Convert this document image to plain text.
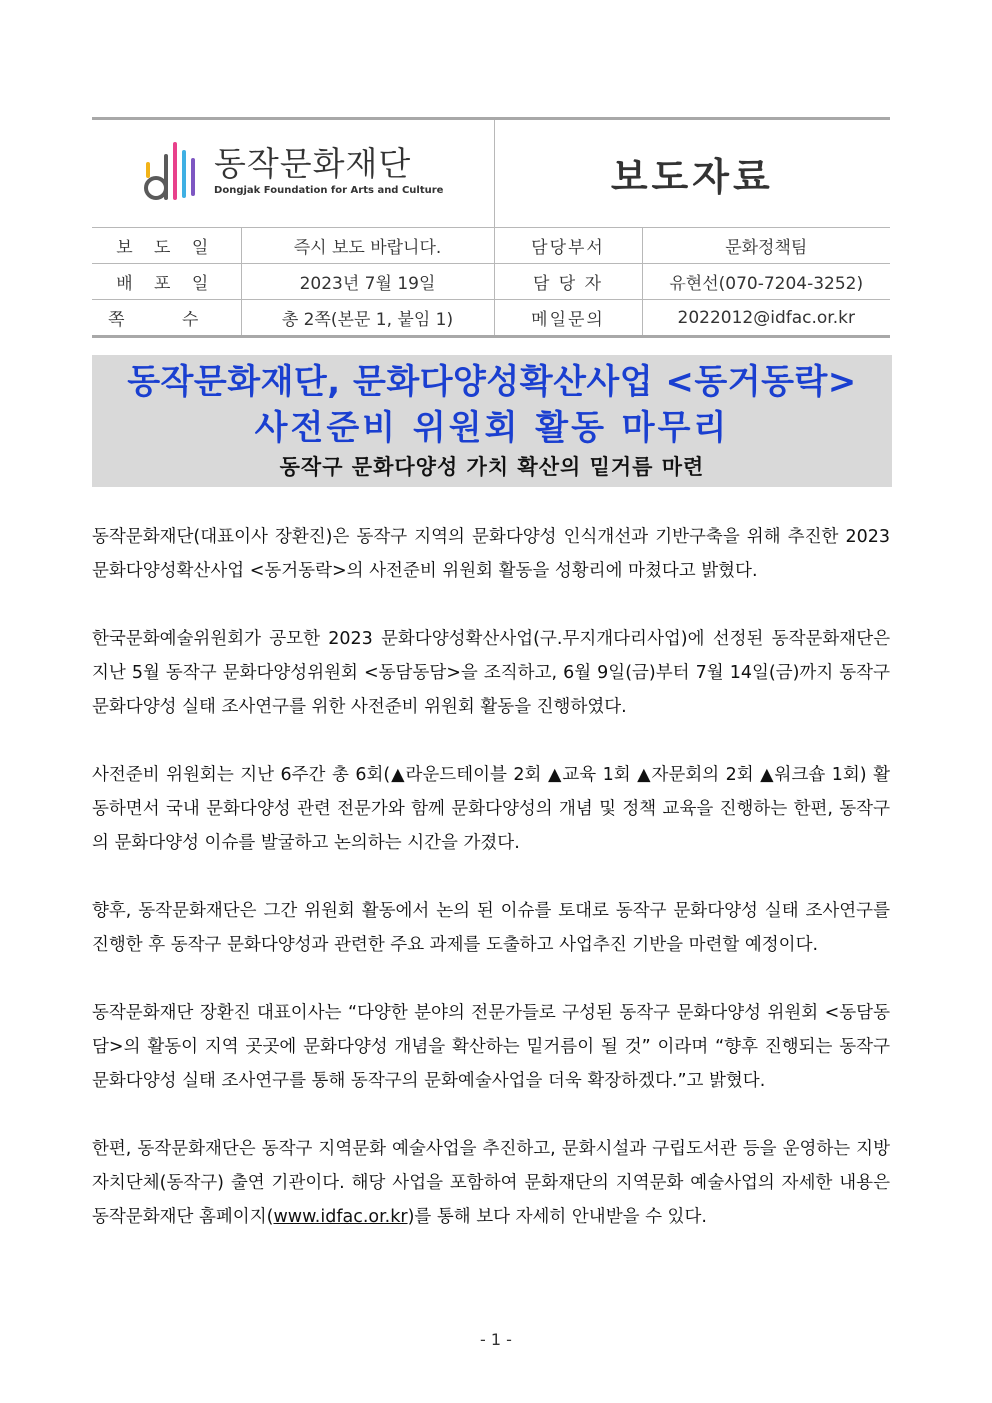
동작문화재단
Dongjak Foundation for Arts and Culture		보도자료	
보 도 일	즉시 보도 바랍니다.	담당부서	문화정책팀
배 포 일	2023년 7월 19일	담 당 자	유현선(070-7204-3252)
쪽 수	총 2쪽(본문 1, 붙임 1)	메일문의	2022012@idfac.or.kr
동작문화재단, 문화다양성확산사업 <동거동락>
사전준비 위원회 활동 마무리
동작구 문화다양성 가치 확산의 밑거름 마련

동작문화재단(대표이사 장환진)은 동작구 지역의 문화다양성 인식개선과 기반구축을 위해 추진한 2023 문화다양성확산사업 <동거동락>의 사전준비 위원회 활동을 성황리에 마쳤다고 밝혔다.

한국문화예술위원회가 공모한 2023 문화다양성확산사업(구.무지개다리사업)에 선정된 동작문화재단은 지난 5월 동작구 문화다양성위원회 <동담동담>을 조직하고, 6월 9일(금)부터 7월 14일(금)까지 동작구 문화다양성 실태 조사연구를 위한 사전준비 위원회 활동을 진행하였다.

사전준비 위원회는 지난 6주간 총 6회(▲라운드테이블 2회 ▲교육 1회 ▲자문회의 2회 ▲워크숍 1회) 활동하면서 국내 문화다양성 관련 전문가와 함께 문화다양성의 개념 및 정책 교육을 진행하는 한편, 동작구의 문화다양성 이슈를 발굴하고 논의하는 시간을 가졌다.

향후, 동작문화재단은 그간 위원회 활동에서 논의 된 이슈를 토대로 동작구 문화다양성 실태 조사연구를 진행한 후 동작구 문화다양성과 관련한 주요 과제를 도출하고 사업추진 기반을 마련할 예정이다.

동작문화재단 장환진 대표이사는 “다양한 분야의 전문가들로 구성된 동작구 문화다양성 위원회 <동담동담>의 활동이 지역 곳곳에 문화다양성 개념을 확산하는 밑거름이 될 것” 이라며 “향후 진행되는 동작구 문화다양성 실태 조사연구를 통해 동작구의 문화예술사업을 더욱 확장하겠다.”고 밝혔다.

한편, 동작문화재단은 동작구 지역문화 예술사업을 추진하고, 문화시설과 구립도서관 등을 운영하는 지방자치단체(동작구) 출연 기관이다. 해당 사업을 포함하여 문화재단의 지역문화 예술사업의 자세한 내용은 동작문화재단 홈페이지(www.idfac.or.kr)를 통해 보다 자세히 안내받을 수 있다.

- 1 -
